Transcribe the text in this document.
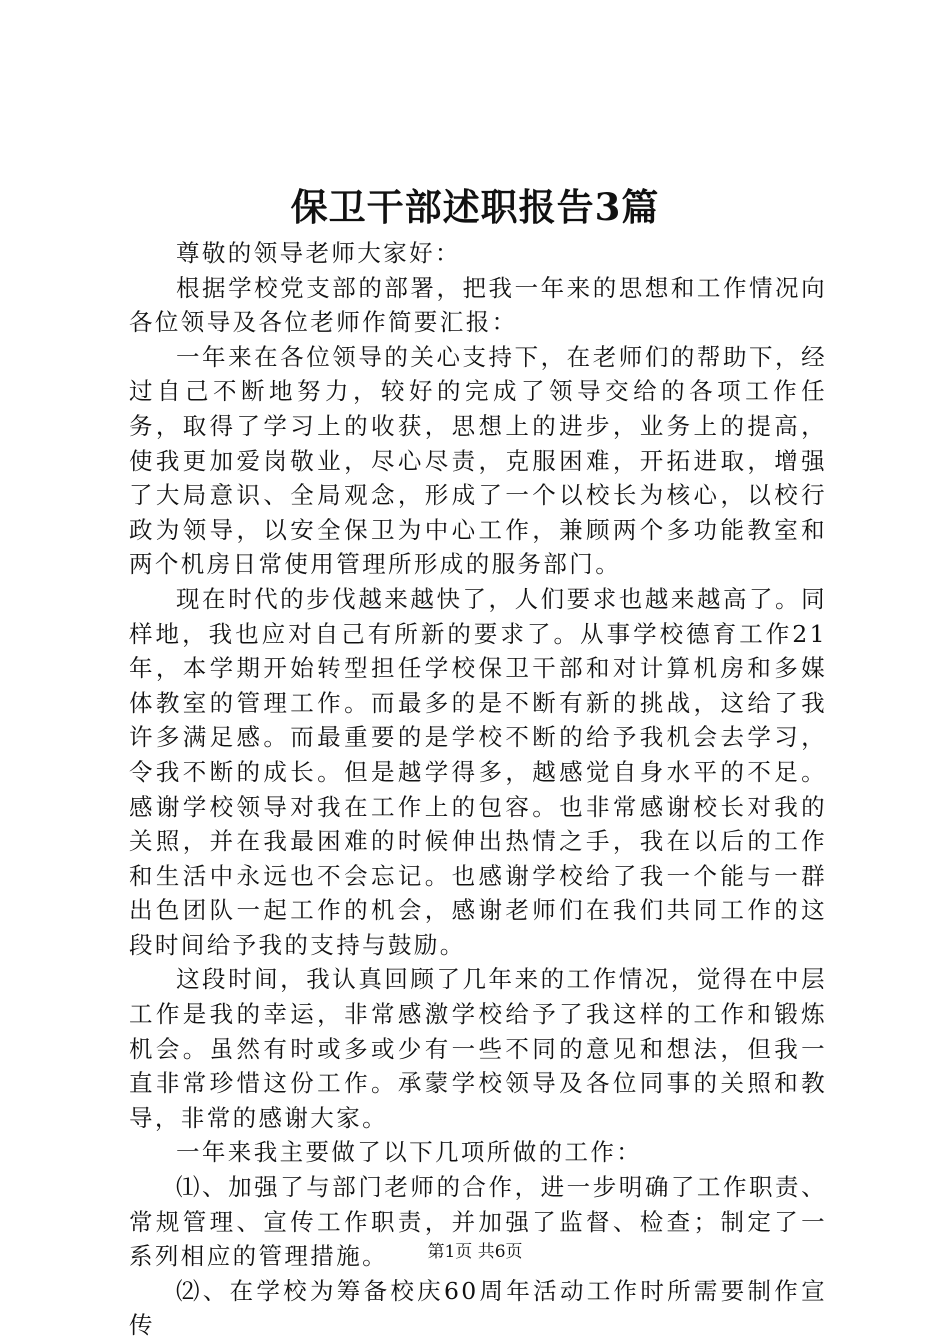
保卫干部述职报告3篇

尊敬的领导老师大家好：

根据学校党支部的部署，把我一年来的思想和工作情况向各位领导及各位老师作简要汇报：

一年来在各位领导的关心支持下，在老师们的帮助下，经过自己不断地努力，较好的完成了领导交给的各项工作任务，取得了学习上的收获，思想上的进步，业务上的提高，使我更加爱岗敬业，尽心尽责，克服困难，开拓进取，增强了大局意识、全局观念，形成了一个以校长为核心，以校行政为领导，以安全保卫为中心工作，兼顾两个多功能教室和两个机房日常使用管理所形成的服务部门。

现在时代的步伐越来越快了，人们要求也越来越高了。同样地，我也应对自己有所新的要求了。从事学校德育工作21年，本学期开始转型担任学校保卫干部和对计算机房和多媒体教室的管理工作。而最多的是不断有新的挑战，这给了我许多满足感。而最重要的是学校不断的给予我机会去学习，令我不断的成长。但是越学得多，越感觉自身水平的不足。感谢学校领导对我在工作上的包容。也非常感谢校长对我的关照，并在我最困难的时候伸出热情之手，我在以后的工作和生活中永远也不会忘记。也感谢学校给了我一个能与一群出色团队一起工作的机会，感谢老师们在我们共同工作的这段时间给予我的支持与鼓励。

这段时间，我认真回顾了几年来的工作情况，觉得在中层工作是我的幸运，非常感激学校给予了我这样的工作和锻炼机会。虽然有时或多或少有一些不同的意见和想法，但我一直非常珍惜这份工作。承蒙学校领导及各位同事的关照和教导，非常的感谢大家。

一年来我主要做了以下几项所做的工作：

⑴、加强了与部门老师的合作，进一步明确了工作职责、常规管理、宣传工作职责，并加强了监督、检查；制定了一系列相应的管理措施。

⑵、在学校为筹备校庆60周年活动工作时所需要制作宣传

第1页 共6页
